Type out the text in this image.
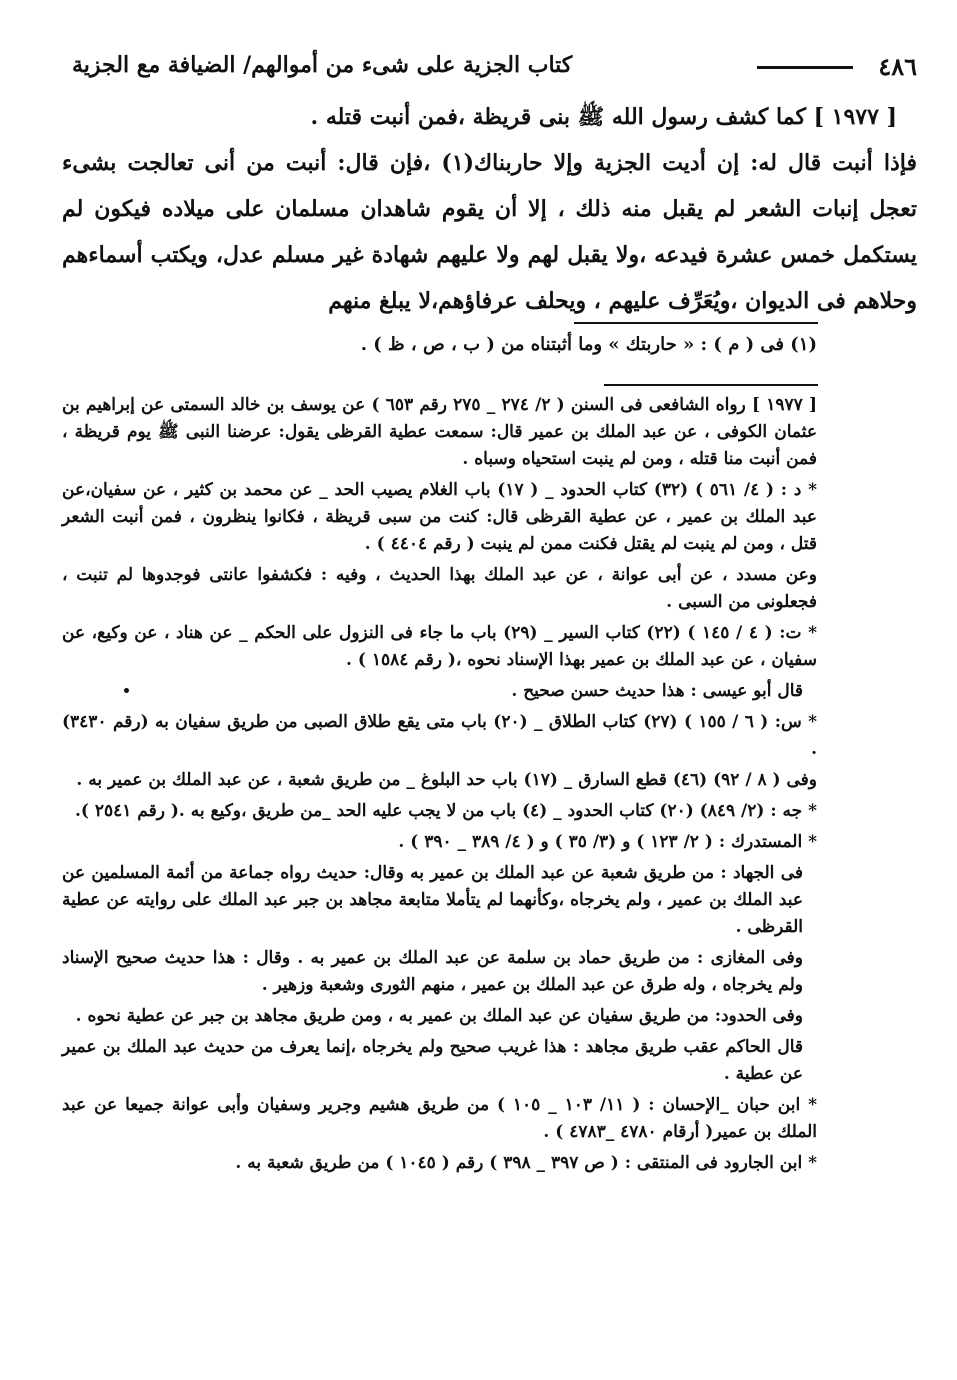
٤٨٦
كتاب الجزية على شىء من أموالهم/ الضيافة مع الجزية

[ ١٩٧٧ ] كما كشف رسول الله ﷺ بنى قريظة ،فمن أنبت قتله .

فإذا أنبت قال له: إن أديت الجزية وإلا حاربناك(١) ،فإن قال: أنبت من أنى تعالجت بشىء تعجل إنبات الشعر لم يقبل منه ذلك ، إلا أن يقوم شاهدان مسلمان على ميلاده فيكون لم يستكمل خمس عشرة فيدعه ،ولا يقبل لهم ولا عليهم شهادة غير مسلم عدل، ويكتب أسماءهم وحلاهم فى الديوان ،ويُعَرِّف عليهم ، ويحلف عرفاؤهم،لا يبلغ منهم

(١) فى ( م ) : « حاربتك » وما أثبتناه من ( ب ، ص ، ظ ) .

[ ١٩٧٧ ] رواه الشافعى فى السنن ( ٢/ ٢٧٤ _ ٢٧٥ رقم ٦٥٣ ) عن يوسف بن خالد السمتى عن إبراهيم بن عثمان الكوفى ، عن عبد الملك بن عمير قال: سمعت عطية القرظى يقول: عرضنا النبى ﷺ يوم قريظة ، فمن أنبت منا قتله ، ومن لم ينبت استحياه وسباه .

* د : ( ٤/ ٥٦١ ) (٣٢) كتاب الحدود _ ( ١٧) باب الغلام يصيب الحد _ عن محمد بن كثير ، عن سفيان،عن عبد الملك بن عمير ، عن عطية القرظى قال: كنت من سبى قريظة ، فكانوا ينظرون ، فمن أنبت الشعر قتل ، ومن لم ينبت لم يقتل فكنت ممن لم ينبت ( رقم ٤٤٠٤ ) .

وعن مسدد ، عن أبى عوانة ، عن عبد الملك بهذا الحديث ، وفيه : فكشفوا عانتى فوجدوها لم تنبت ، فجعلونى من السبى .

* ت: ( ٤ / ١٤٥ ) (٢٢) كتاب السير _ (٢٩) باب ما جاء فى النزول على الحكم _ عن هناد ، عن وكيع، عن سفيان ، عن عبد الملك بن عمير بهذا الإسناد نحوه ،( رقم ١٥٨٤ ) .

قال أبو عيسى : هذا حديث حسن صحيح .

* س: ( ٦ / ١٥٥ ) (٢٧) كتاب الطلاق _ (٢٠) باب متى يقع طلاق الصبى من طريق سفيان به (رقم ٣٤٣٠) .

وفى ( ٨ / ٩٢) (٤٦) قطع السارق _ (١٧) باب حد البلوغ _ من طريق شعبة ، عن عبد الملك بن عمير به .

* جه : (٢/ ٨٤٩) (٢٠) كتاب الحدود _ (٤) باب من لا يجب عليه الحد _من طريق ،وكيع به .( رقم ٢٥٤١ ).

* المستدرك : ( ٢/ ١٢٣ ) و (٣/ ٣٥ ) و ( ٤/ ٣٨٩ _ ٣٩٠ ) .

فى الجهاد : من طريق شعبة عن عبد الملك بن عمير به وقال: حديث رواه جماعة من أئمة المسلمين عن عبد الملك بن عمير ، ولم يخرجاه ،وكأنهما لم يتأملا متابعة مجاهد بن جبر عبد الملك على روايته عن عطية القرظى .

وفى المغازى : من طريق حماد بن سلمة عن عبد الملك بن عمير به . وقال : هذا حديث صحيح الإسناد ولم يخرجاه ، وله طرق عن عبد الملك بن عمير ، منهم الثورى وشعبة وزهير .

وفى الحدود: من طريق سفيان عن عبد الملك بن عمير به ، ومن طريق مجاهد بن جبر عن عطية نحوه .

قال الحاكم عقب طريق مجاهد : هذا غريب صحيح ولم يخرجاه ،إنما يعرف من حديث عبد الملك بن عمير عن عطية .

* ابن حبان _الإحسان : ( ١١/ ١٠٣ _ ١٠٥ ) من طريق هشيم وجرير وسفيان وأبى عوانة جميعا عن عبد الملك بن عمير( أرقام ٤٧٨٠ _٤٧٨٣ ) .

* ابن الجارود فى المنتقى : ( ص ٣٩٧ _ ٣٩٨ ) رقم ( ١٠٤٥ ) من طريق شعبة به .
